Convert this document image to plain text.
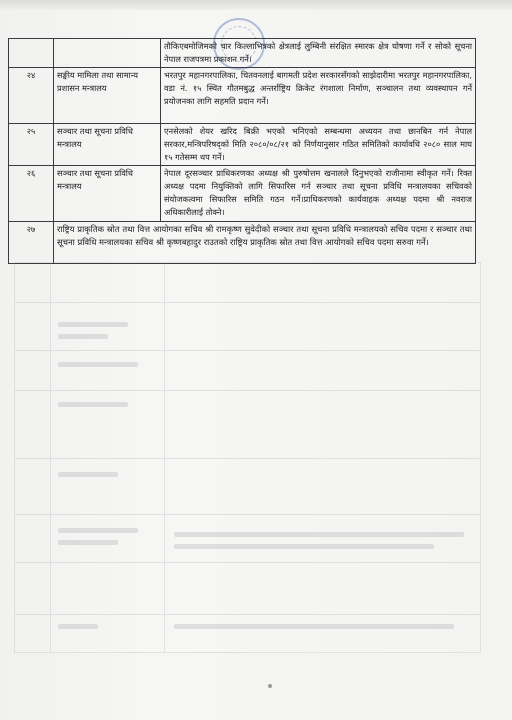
		तौकिएबमोजिमको चार किल्लाभित्रको क्षेत्रलाई लुम्बिनी संरक्षित स्मारक क्षेत्र घोषणा गर्ने र सोको सूचना नेपाल राजपत्रमा प्रकाशन गर्ने।
२४	सङ्घीय मामिला तथा सामान्य प्रशासन मन्त्रालय	भरतपुर महानगरपालिका, चितवनलाई बागमती प्रदेश सरकारसँगको साझेदारीमा भरतपुर महानगरपालिका, वडा नं. १५ स्थित गौतमबुद्ध अन्तर्राष्ट्रिय क्रिकेट रंगशाला निर्माण, सञ्चालन तथा व्यवस्थापन गर्ने प्रयोजनका लागि सहमति प्रदान गर्ने।
२५	सञ्चार तथा सूचना प्रविधि मन्त्रालय	एनसेलको शेयर खरिद बिक्री भएको भनिएको सम्बन्धमा अध्ययन तथा छानबिन गर्न नेपाल सरकार,मन्त्रिपरिषद्को मिति २०८०/०८/२१ को निर्णयानुसार गठित समितिको कार्यावधि २०८० साल माघ १५ गतेसम्म थप गर्ने।
२६	सञ्चार तथा सूचना प्रविधि मन्त्रालय	नेपाल दूरसञ्चार प्राधिकरणका अध्यक्ष श्री पुरुषोत्तम खनालले दिनुभएको राजीनामा स्वीकृत गर्ने। रिक्त अध्यक्ष पदमा नियुक्तिको लागि सिफारिस गर्न सञ्चार तथा सूचना प्रविधि मन्त्रालयका सचिवको संयोजकत्वमा सिफारिस समिति गठन गर्ने।प्राधिकरणको कार्यवाहक अध्यक्ष पदमा श्री नवराज अधिकारीलाई तोक्ने।
२७	राष्ट्रिय प्राकृतिक स्रोत तथा वित्त आयोगका सचिव श्री रामकृष्ण सुवेदीको सञ्चार तथा सूचना प्रविधि मन्त्रालयको सचिव पदमा र सञ्चार तथा सूचना प्रविधि मन्त्रालयका सचिव श्री कृष्णबहादुर राउतको राष्ट्रिय प्राकृतिक स्रोत तथा वित्त आयोगको सचिव पदमा सरुवा गर्ने।	
